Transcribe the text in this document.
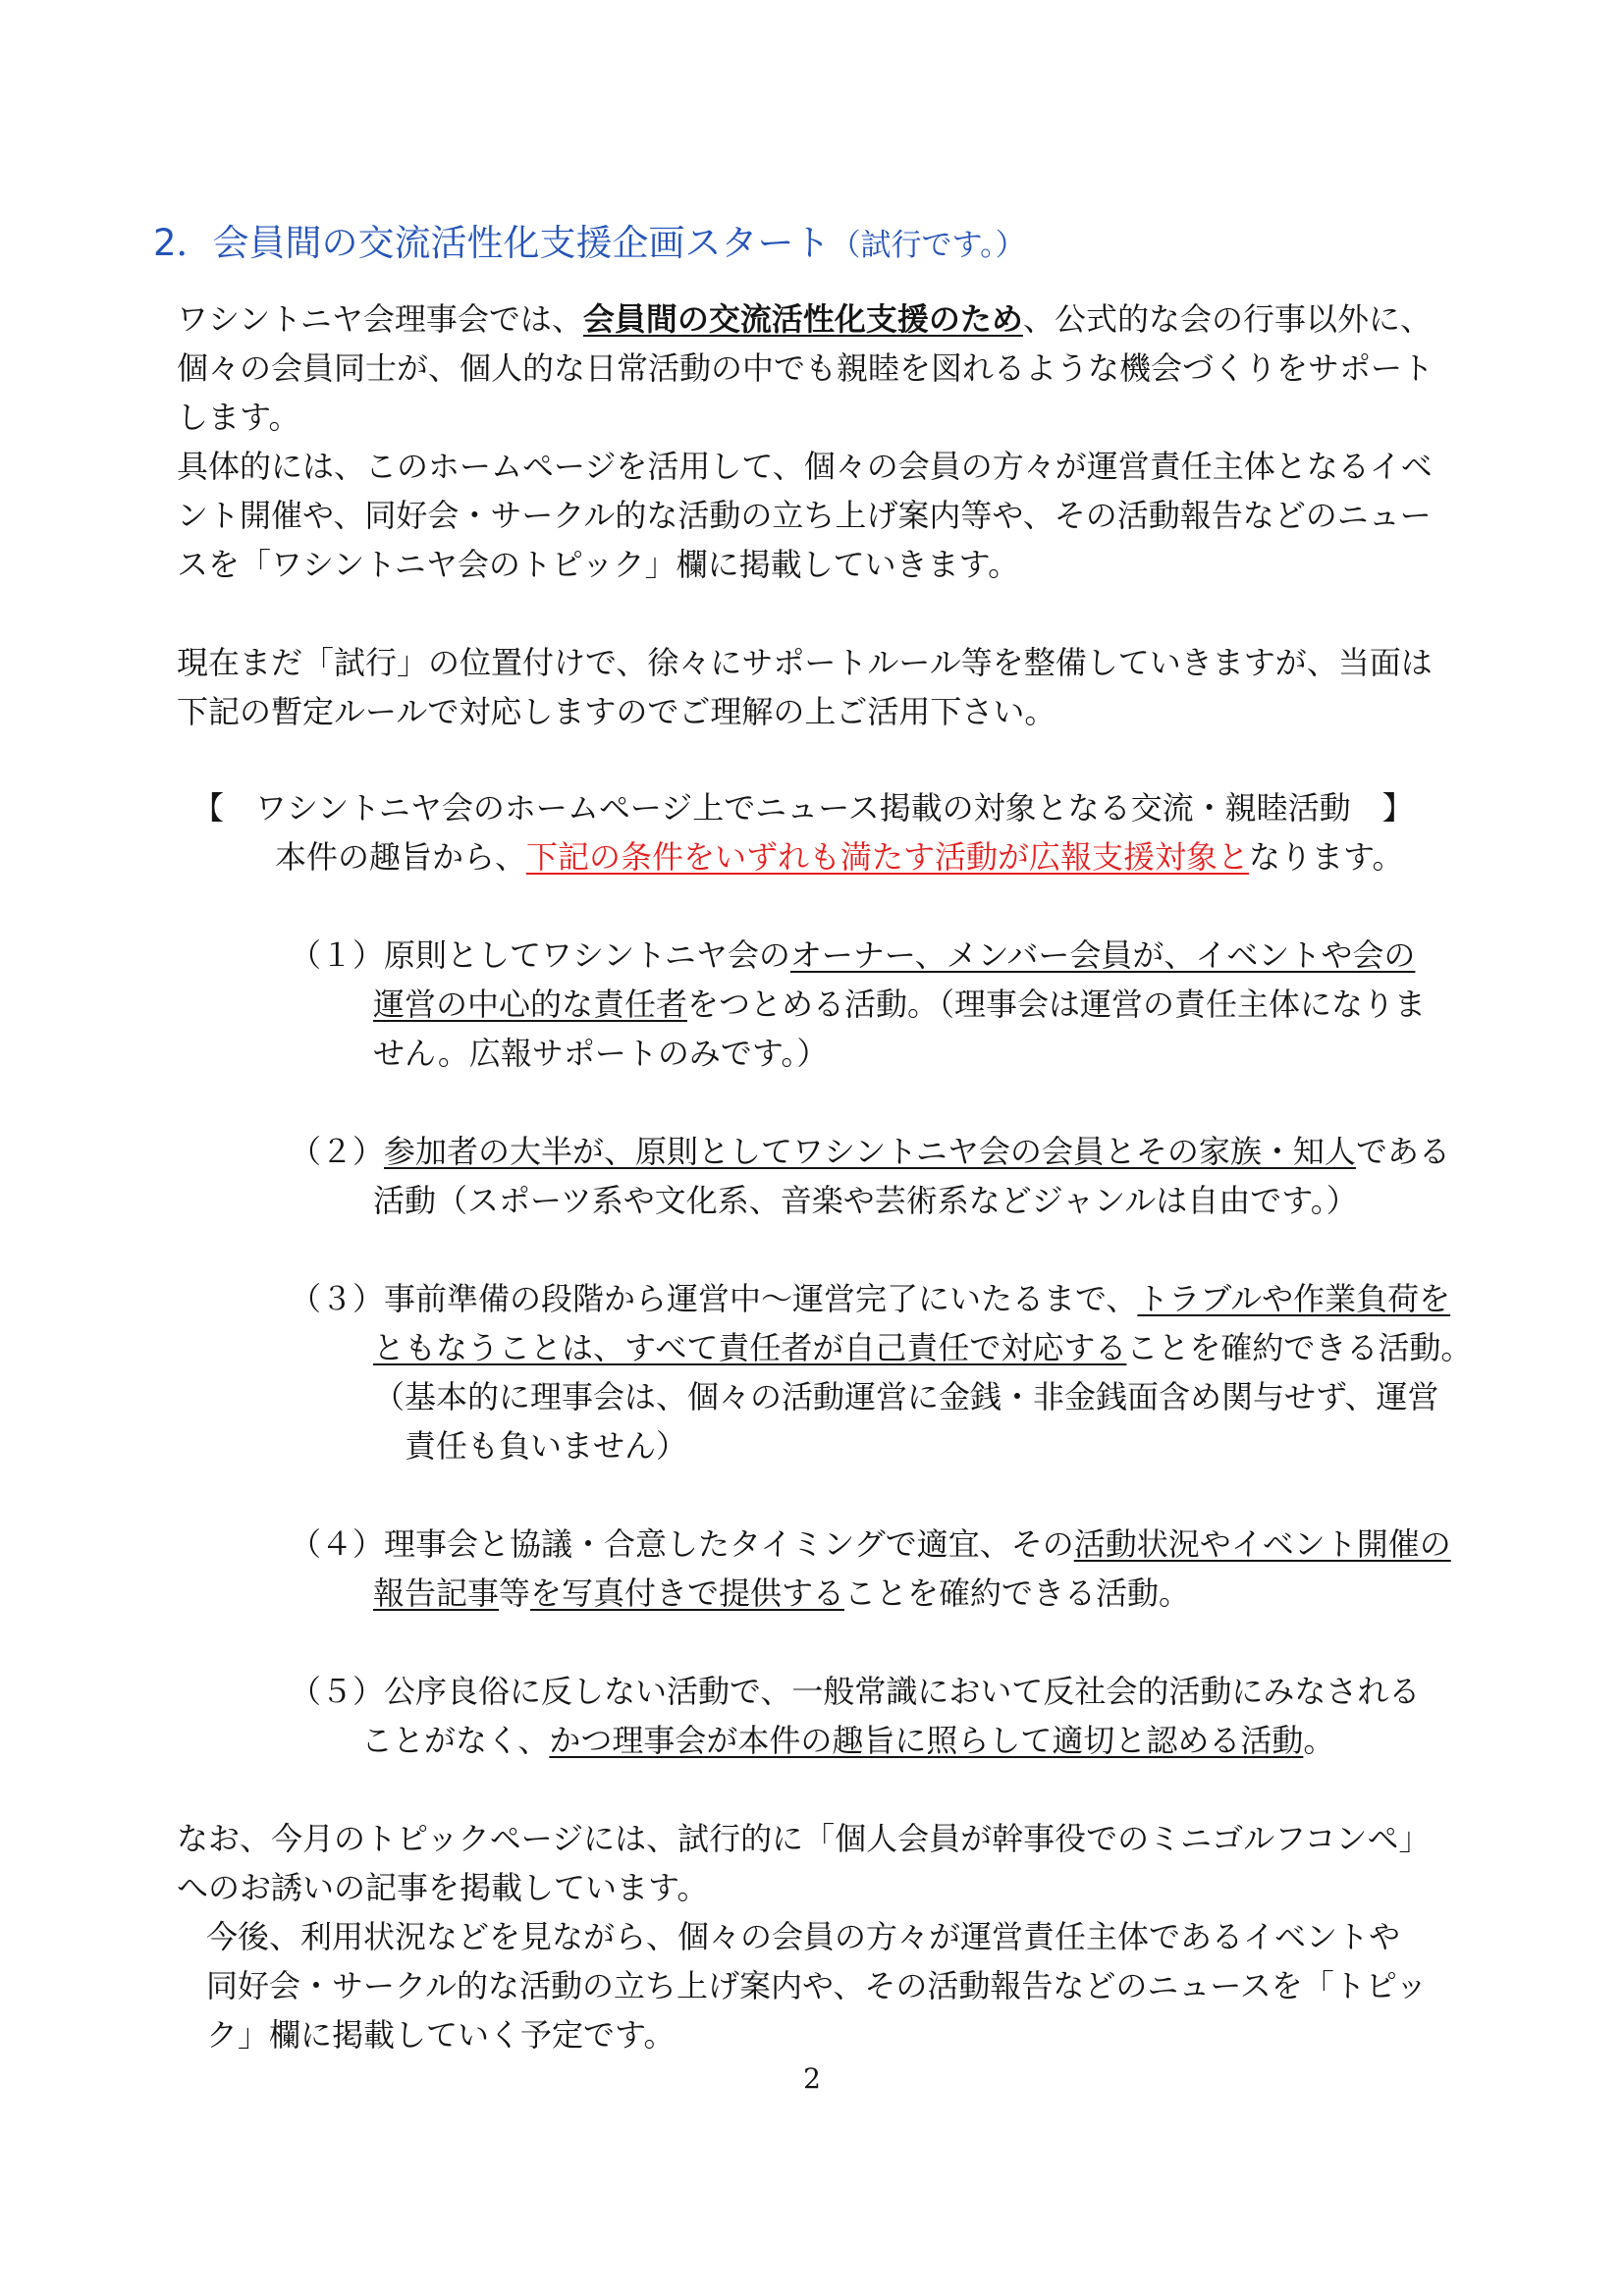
2．会員間の交流活性化支援企画スタート（試行です。）
ワシントニヤ会理事会では、会員間の交流活性化支援のため、公式的な会の行事以外に、
個々の会員同士が、個人的な日常活動の中でも親睦を図れるような機会づくりをサポート
します。
具体的には、このホームページを活用して、個々の会員の方々が運営責任主体となるイベ
ント開催や、同好会・サークル的な活動の立ち上げ案内等や、その活動報告などのニュー
スを「ワシントニヤ会のトピック」欄に掲載していきます。
現在まだ「試行」の位置付けで、徐々にサポートルール等を整備していきますが、当面は
下記の暫定ルールで対応しますのでご理解の上ご活用下さい。
【　ワシントニヤ会のホームページ上でニュース掲載の対象となる交流・親睦活動　】
本件の趣旨から、下記の条件をいずれも満たす活動が広報支援対象となります。
（１）原則としてワシントニヤ会のオーナー、メンバー会員が、イベントや会の
運営の中心的な責任者をつとめる活動。（理事会は運営の責任主体になりま
せん。広報サポートのみです。）
（２）参加者の大半が、原則としてワシントニヤ会の会員とその家族・知人である
活動（スポーツ系や文化系、音楽や芸術系などジャンルは自由です。）
（３）事前準備の段階から運営中～運営完了にいたるまで、トラブルや作業負荷を
ともなうことは、すべて責任者が自己責任で対応することを確約できる活動。
（基本的に理事会は、個々の活動運営に金銭・非金銭面含め関与せず、運営
責任も負いません）
（４）理事会と協議・合意したタイミングで適宜、その活動状況やイベント開催の
報告記事等を写真付きで提供することを確約できる活動。
（５）公序良俗に反しない活動で、一般常識において反社会的活動にみなされる
ことがなく、かつ理事会が本件の趣旨に照らして適切と認める活動。
なお、今月のトピックページには、試行的に「個人会員が幹事役でのミニゴルフコンペ」
へのお誘いの記事を掲載しています。
今後、利用状況などを見ながら、個々の会員の方々が運営責任主体であるイベントや
同好会・サークル的な活動の立ち上げ案内や、その活動報告などのニュースを「トピッ
ク」欄に掲載していく予定です。
2
